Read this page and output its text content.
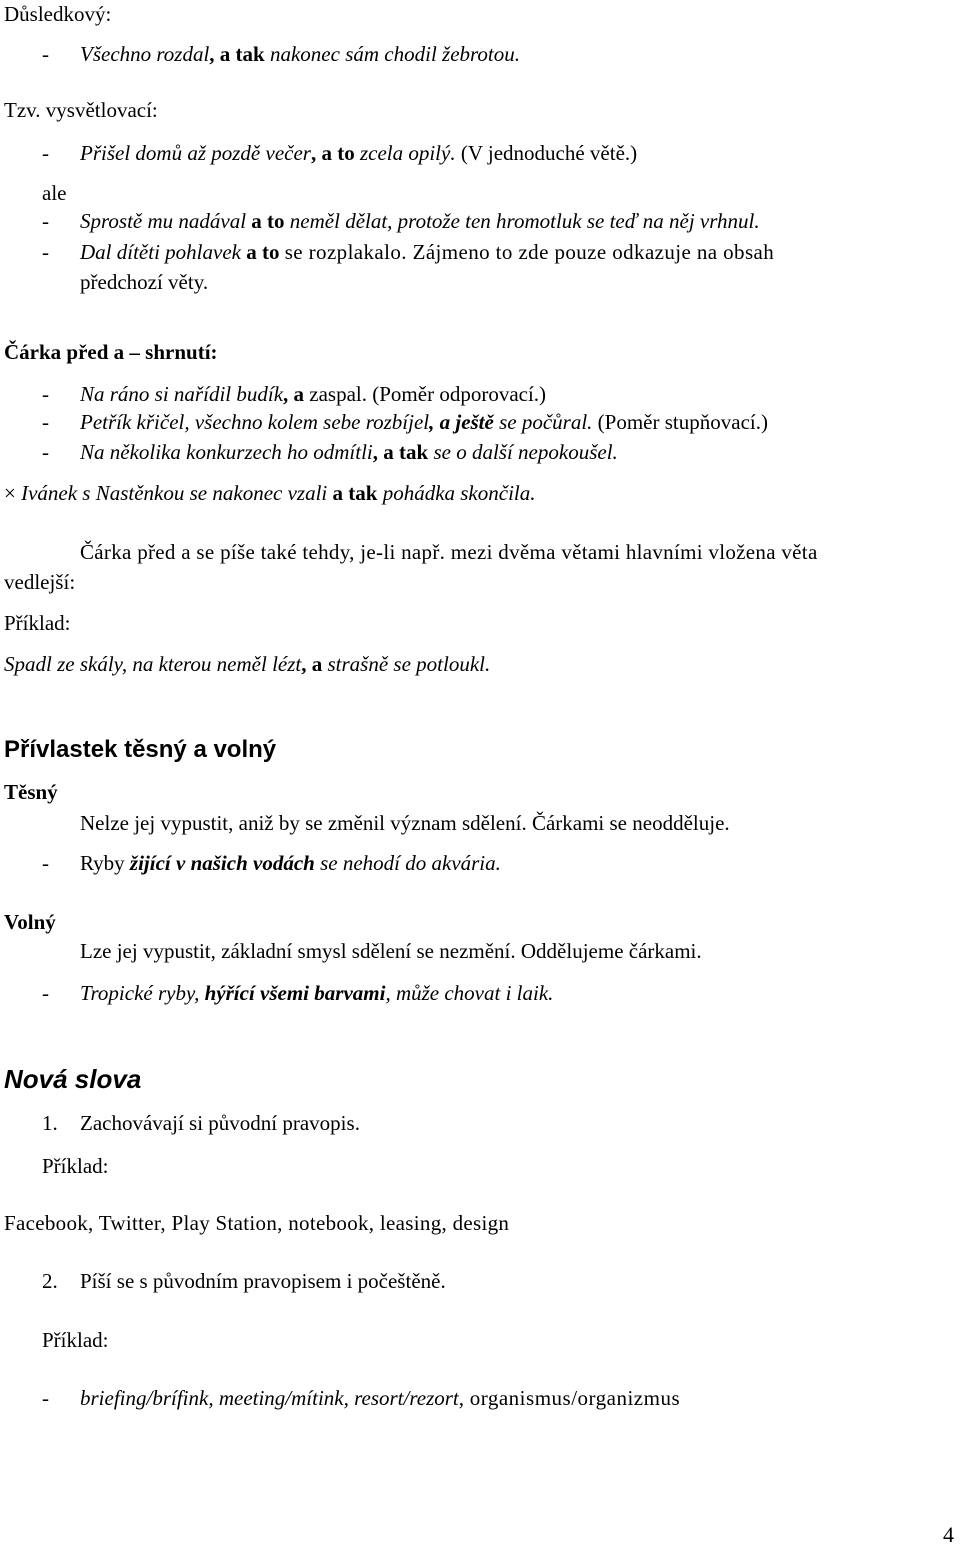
Důsledkový:
- Všechno rozdal, a tak nakonec sám chodil žebrotou.
Tzv. vysvětlovací:
- Přišel domů až pozdě večer, a to zcela opilý. (V jednoduché větě.)
ale
- Sprostě mu nadával a to neměl dělat, protože ten hromotluk se teď na něj vrhnul.
- Dal dítěti pohlavek a to se rozplakalo. Zájmeno to zde pouze odkazuje na obsah
předchozí věty.
Čárka před a – shrnutí:
- Na ráno si nařídil budík, a zaspal. (Poměr odporovací.)
- Petřík křičel, všechno kolem sebe rozbíjel, a ještě se počůral. (Poměr stupňovací.)
- Na několika konkurzech ho odmítli, a tak se o další nepokoušel.
× Ivánek s Nastěnkou se nakonec vzali a tak pohádka skončila.
Čárka před a se píše také tehdy, je-li např. mezi dvěma větami hlavními vložena věta
vedlejší:
Příklad:
Spadl ze skály, na kterou neměl lézt, a strašně se potloukl.
Přívlastek těsný a volný
Těsný
Nelze jej vypustit, aniž by se změnil význam sdělení. Čárkami se neodděluje.
- Ryby žijící v našich vodách se nehodí do akvária.
Volný
Lze jej vypustit, základní smysl sdělení se nezmění. Oddělujeme čárkami.
- Tropické ryby, hýřící všemi barvami, může chovat i laik.
Nová slova
1. Zachovávají si původní pravopis.
Příklad:
Facebook, Twitter, Play Station, notebook, leasing, design
2. Píší se s původním pravopisem i počeštěně.
Příklad:
- briefing/brífink, meeting/mítink, resort/rezort, organismus/organizmus
4
